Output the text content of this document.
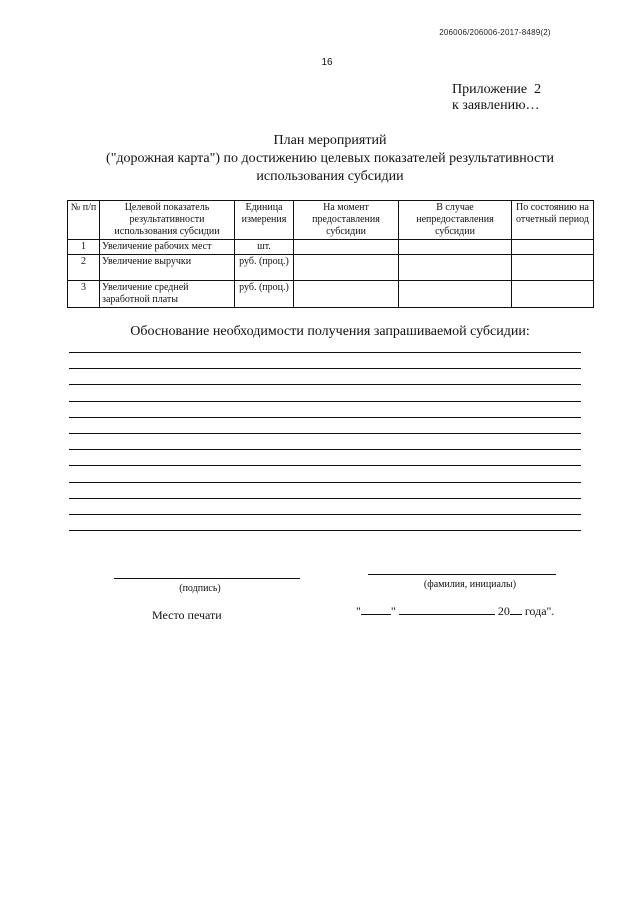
206006/206006-2017-8489(2)
16
Приложение  2
к заявлению…
План мероприятий
("дорожная карта") по достижению целевых показателей результативности
использования субсидии
№ п/п	Целевой показатель результативности использования субсидии	Единица измерения	На момент предоставления субсидии	В случае непредоставления субсидии	По состоянию на отчетный период
1	Увеличение рабочих мест	шт.			
2	Увеличение выручки	руб. (проц.)			
3	Увеличение средней заработной платы	руб. (проц.)			
Обоснование необходимости получения запрашиваемой субсидии:
(подпись)	(фамилия, инициалы)
Место печати	"	"	20 года".
